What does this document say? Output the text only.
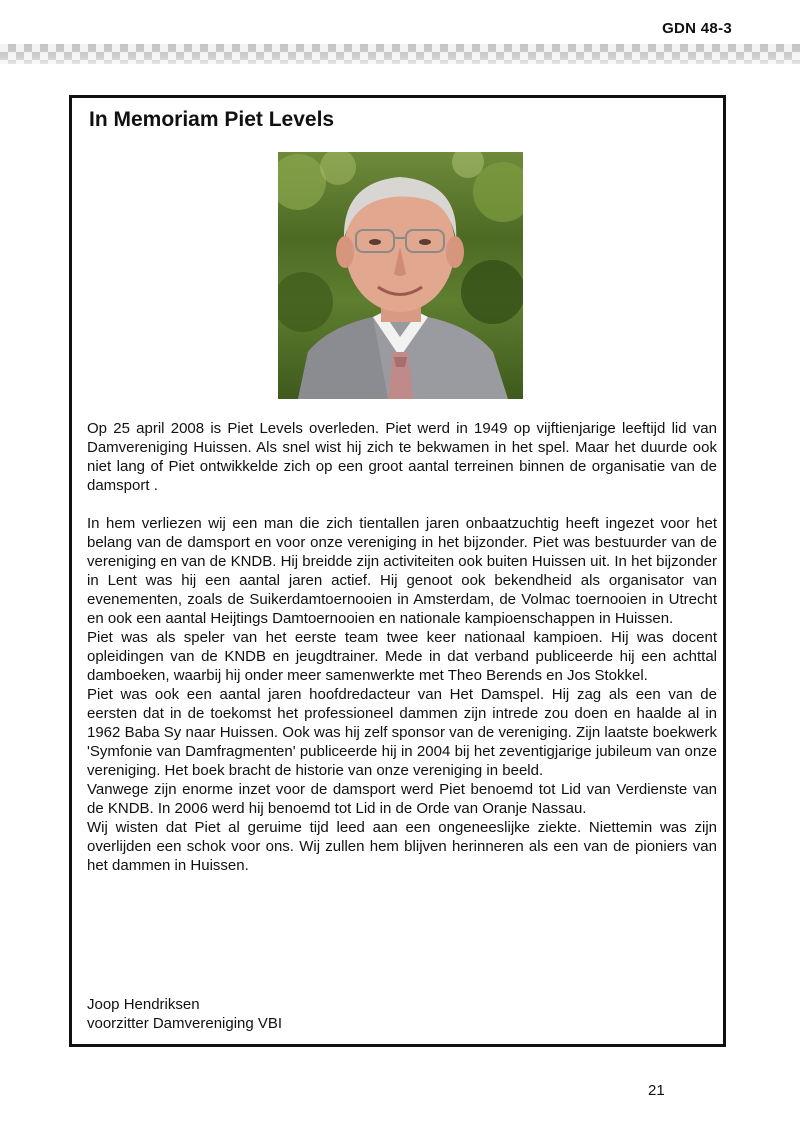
GDN 48-3
In Memoriam Piet Levels

Op 25 april 2008 is Piet Levels overleden. Piet werd in 1949 op vijftienjarige leeftijd lid van Damvereniging Huissen. Als snel wist hij zich te bekwamen in het spel. Maar het duurde ook niet lang of Piet ontwikkelde zich op een groot aantal terreinen binnen de organisatie van de damsport .

In hem verliezen wij een man die zich tientallen jaren onbaatzuchtig heeft ingezet voor het belang van de damsport en voor onze vereniging in het bijzonder. Piet was bestuurder van de vereniging en van de KNDB. Hij breidde zijn activiteiten ook buiten Huissen uit. In het bijzonder in Lent was hij een aantal jaren actief. Hij genoot ook bekendheid als organisator van evenementen, zoals de Suikerdamtoernooien in Amsterdam, de Volmac toernooien in Utrecht en ook een aantal Heijtings Damtoernooien en nationale kampioenschappen in Huissen.

Piet was als speler van het eerste team twee keer nationaal kampioen. Hij was docent opleidingen van de KNDB en jeugdtrainer. Mede in dat verband publiceerde hij een achttal damboeken, waarbij hij onder meer samenwerkte met Theo Berends en Jos Stokkel.

Piet was ook een aantal jaren hoofdredacteur van Het Damspel. Hij zag als een van de eersten dat in de toekomst het professioneel dammen zijn intrede zou doen en haalde al in 1962 Baba Sy naar Huissen. Ook was hij zelf sponsor van de vereniging. Zijn laatste boekwerk 'Symfonie van Damfragmenten' publiceerde hij in 2004 bij het zeventigjarige jubileum van onze vereniging. Het boek bracht de historie van onze vereniging in beeld.

Vanwege zijn enorme inzet voor de damsport werd Piet benoemd tot Lid van Verdienste van de KNDB. In 2006 werd hij benoemd tot Lid in de Orde van Oranje Nassau.

Wij wisten dat Piet al geruime tijd leed aan een ongeneeslijke ziekte. Niettemin was zijn overlijden een schok voor ons. Wij zullen hem blijven herinneren als een van de pioniers van het dammen in Huissen.

Joop Hendriksen
voorzitter Damvereniging VBI
21
